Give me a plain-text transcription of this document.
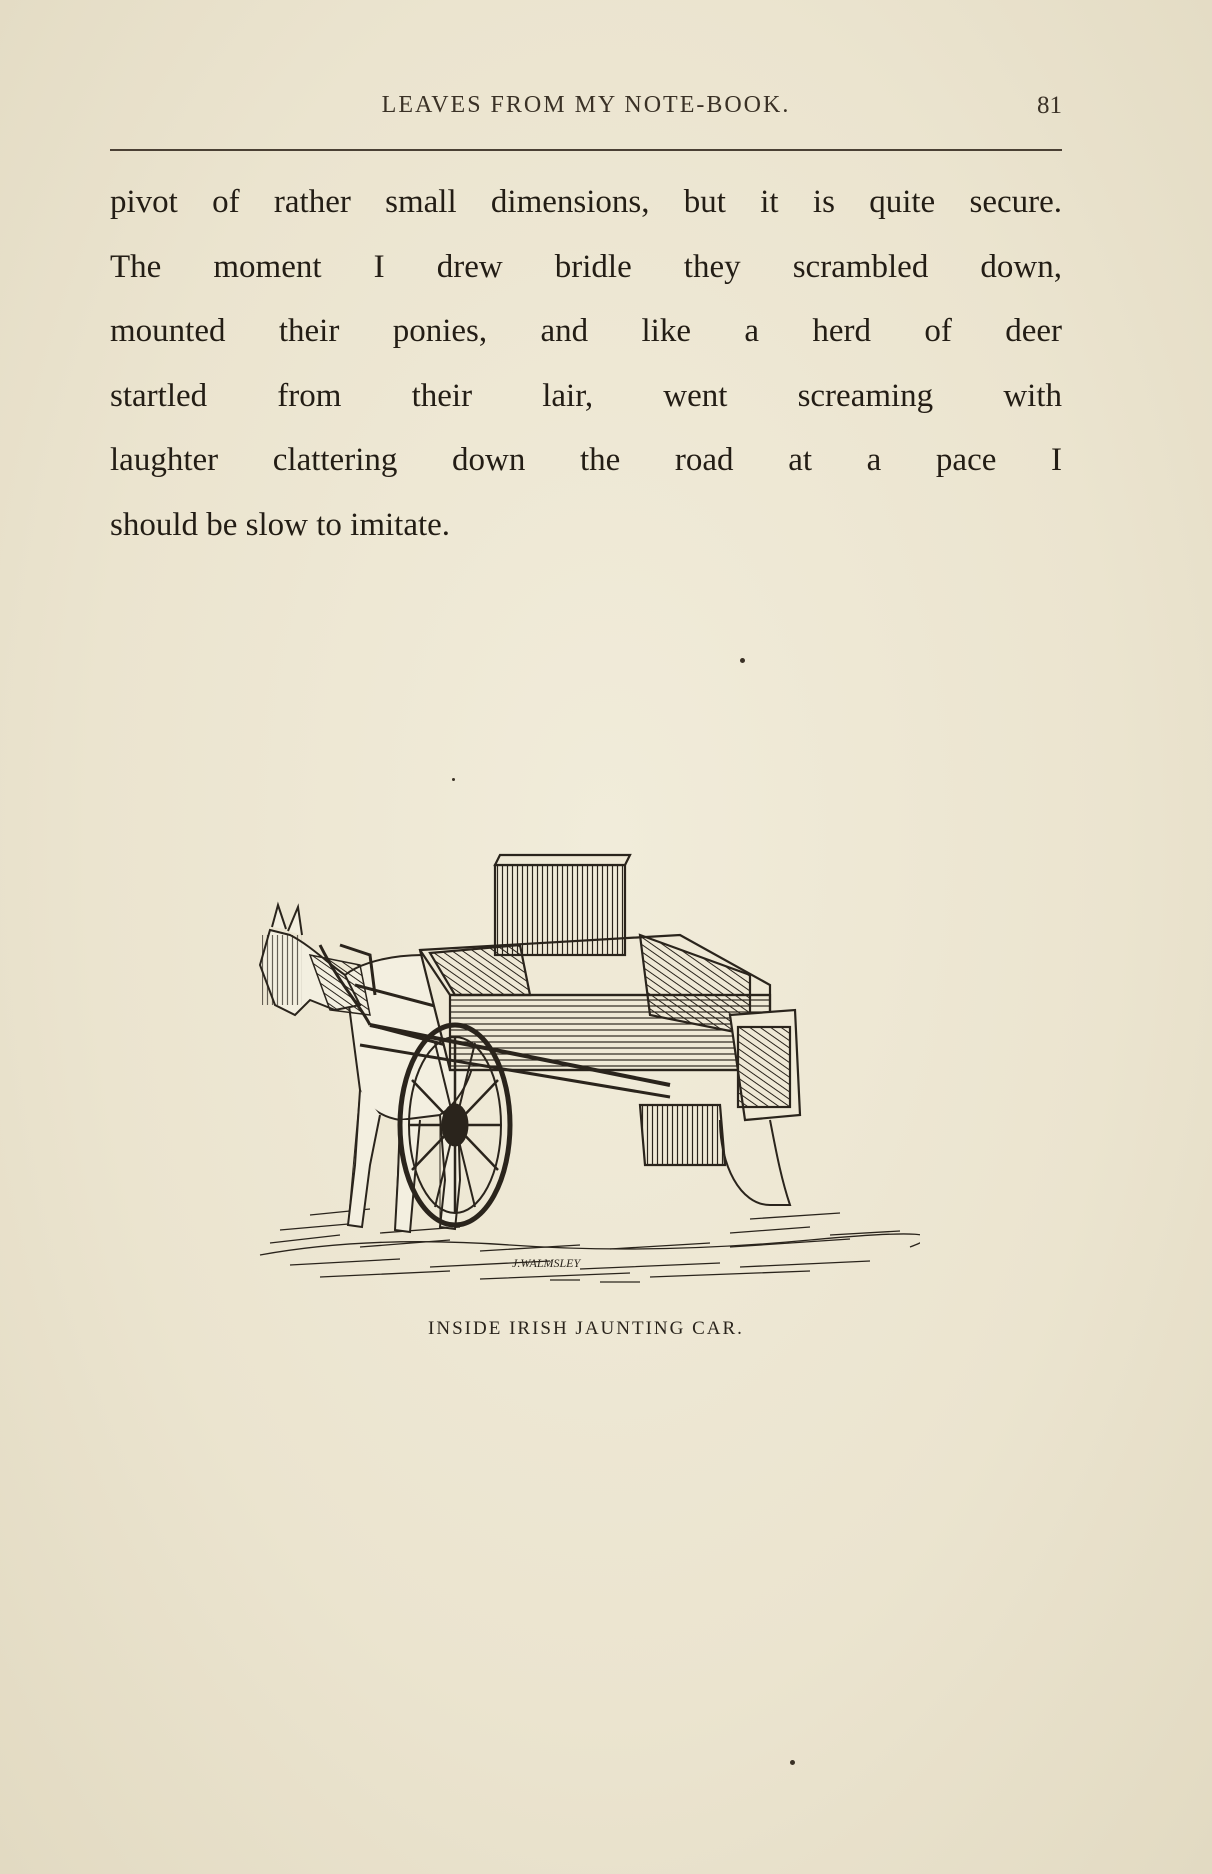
LEAVES FROM MY NOTE-BOOK.	81
pivot of rather small dimensions, but it is quite secure.
The moment I drew bridle they scrambled down,
mounted their ponies, and like a herd of deer
startled from their lair, went screaming with
laughter clattering down the road at a pace I
should be slow to imitate.
J.WALMSLEY
INSIDE IRISH JAUNTING CAR.
